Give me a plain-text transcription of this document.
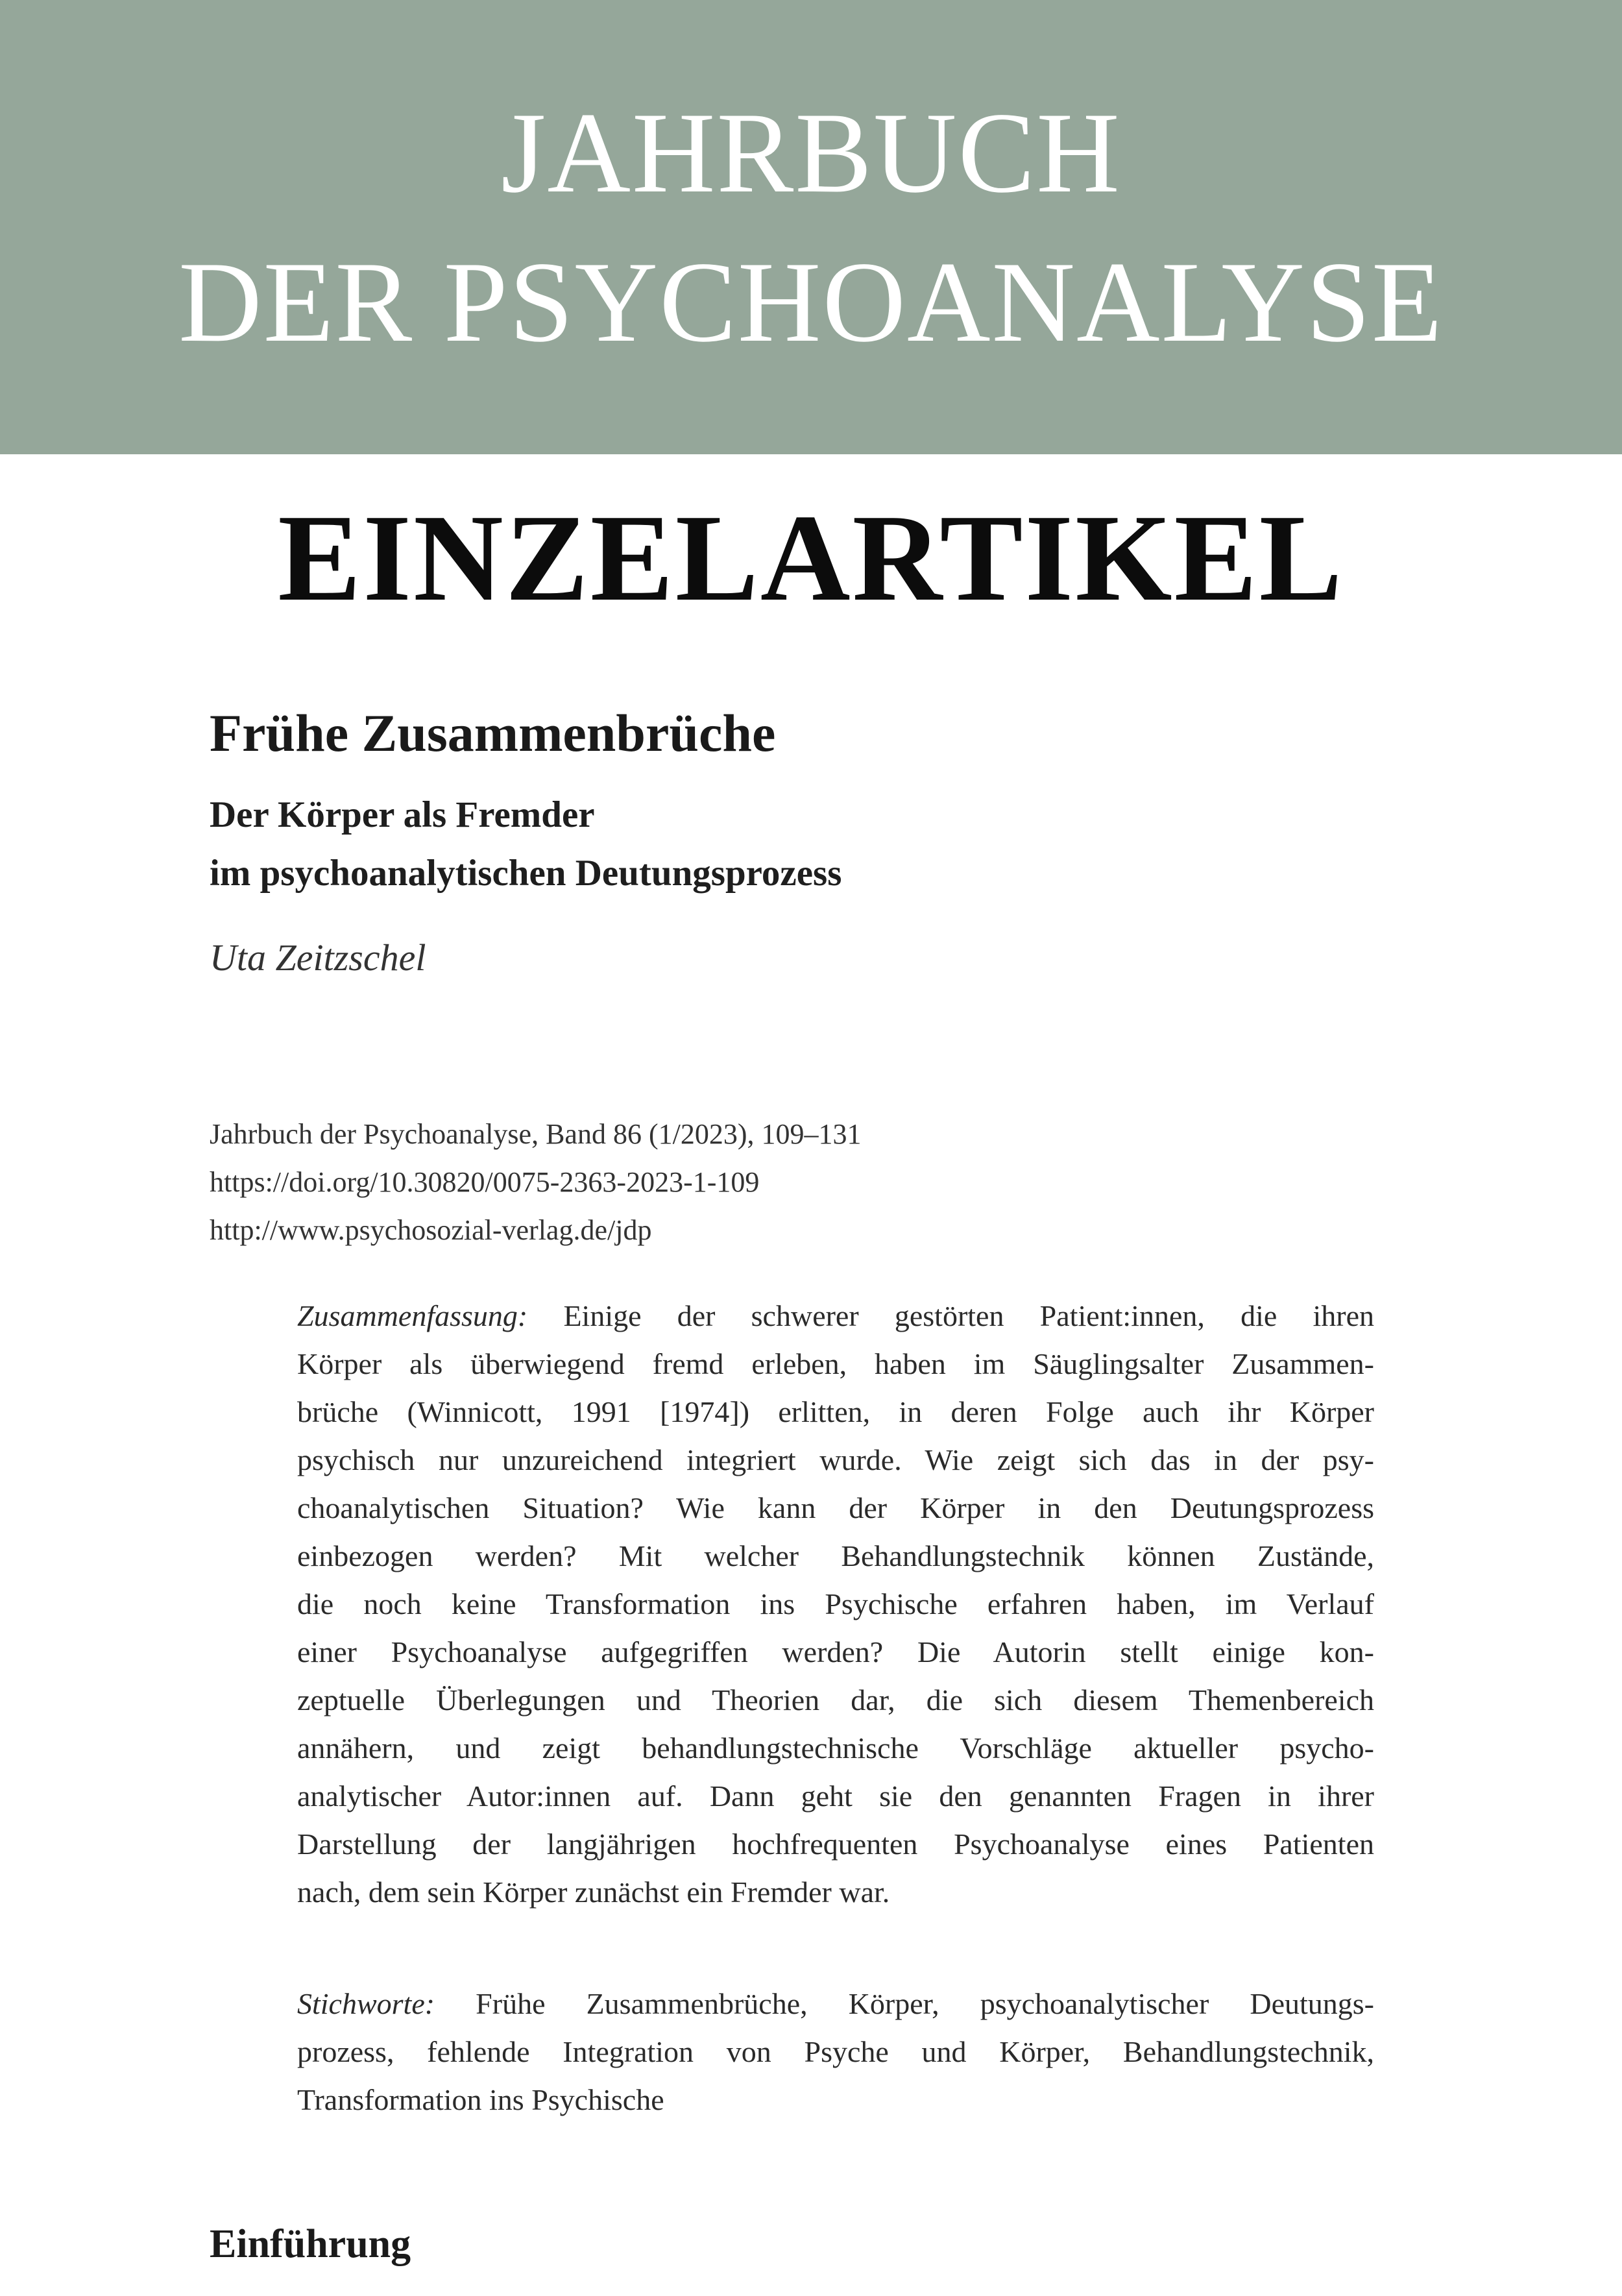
JAHRBUCH
DER PSYCHOANALYSE
EINZELARTIKEL
Frühe Zusammenbrüche
Der Körper als Fremder
im psychoanalytischen Deutungsprozess
Uta Zeitzschel
Jahrbuch der Psychoanalyse, Band 86 (1/2023), 109–131
https://doi.org/10.30820/0075-2363-2023-1-109
http://www.psychosozial-verlag.de/jdp
Zusammenfassung: Einige der schwerer gestörten Patient:innen, die ihren
Körper als überwiegend fremd erleben, haben im Säuglingsalter Zusammen-
brüche (Winnicott, 1991 [1974]) erlitten, in deren Folge auch ihr Körper
psychisch nur unzureichend integriert wurde. Wie zeigt sich das in der psy-
choanalytischen Situation? Wie kann der Körper in den Deutungsprozess
einbezogen werden? Mit welcher Behandlungstechnik können Zustände,
die noch keine Transformation ins Psychische erfahren haben, im Verlauf
einer Psychoanalyse aufgegriffen werden? Die Autorin stellt einige kon-
zeptuelle Überlegungen und Theorien dar, die sich diesem Themenbereich
annähern, und zeigt behandlungstechnische Vorschläge aktueller psycho-
analytischer Autor:innen auf. Dann geht sie den genannten Fragen in ihrer
Darstellung der langjährigen hochfrequenten Psychoanalyse eines Patienten
nach, dem sein Körper zunächst ein Fremder war.
Stichworte: Frühe Zusammenbrüche, Körper, psychoanalytischer Deutungs-
prozess, fehlende Integration von Psyche und Körper, Behandlungstechnik,
Transformation ins Psychische
Einführung
